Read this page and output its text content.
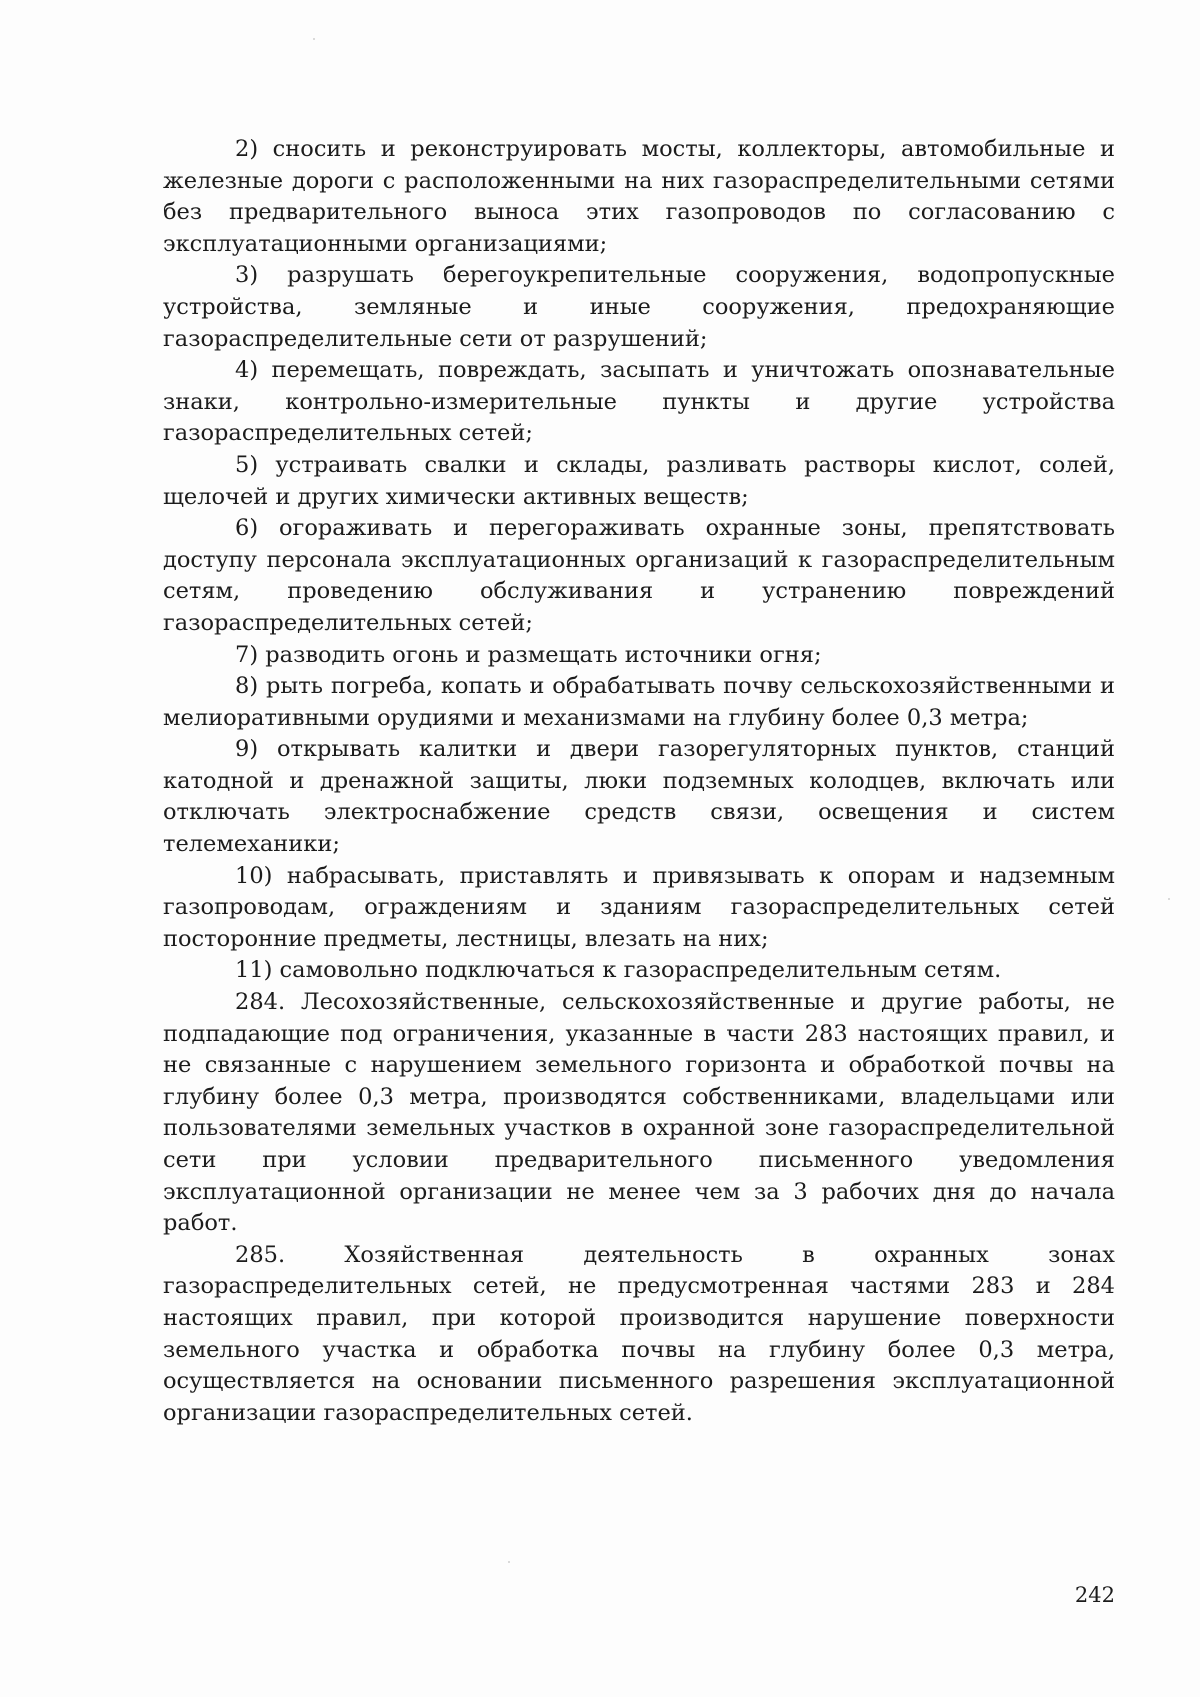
2) сносить и реконструировать мосты, коллекторы, автомобильные и железные дороги с расположенными на них газораспределительными сетями без предварительного выноса этих газопроводов по согласованию с эксплуатационными организациями;

3) разрушать берегоукрепительные сооружения, водопропускные устройства, земляные и иные сооружения, предохраняющие газораспределительные сети от разрушений;

4) перемещать, повреждать, засыпать и уничтожать опознавательные знаки, контрольно-измерительные пункты и другие устройства газораспределительных сетей;

5) устраивать свалки и склады, разливать растворы кислот, солей, щелочей и других химически активных веществ;

6) огораживать и перегораживать охранные зоны, препятствовать доступу персонала эксплуатационных организаций к газораспределительным сетям, проведению обслуживания и устранению повреждений газораспределительных сетей;

7) разводить огонь и размещать источники огня;

8) рыть погреба, копать и обрабатывать почву сельскохозяйственными и мелиоративными орудиями и механизмами на глубину более 0,3 метра;

9) открывать калитки и двери газорегуляторных пунктов, станций катодной и дренажной защиты, люки подземных колодцев, включать или отключать электроснабжение средств связи, освещения и систем телемеханики;

10) набрасывать, приставлять и привязывать к опорам и надземным газопроводам, ограждениям и зданиям газораспределительных сетей посторонние предметы, лестницы, влезать на них;

11) самовольно подключаться к газораспределительным сетям.

284. Лесохозяйственные, сельскохозяйственные и другие работы, не подпадающие под ограничения, указанные в части 283 настоящих правил, и не связанные с нарушением земельного горизонта и обработкой почвы на глубину более 0,3 метра, производятся собственниками, владельцами или пользователями земельных участков в охранной зоне газораспределительной сети при условии предварительного письменного уведомления эксплуатационной организации не менее чем за 3 рабочих дня до начала работ.

285. Хозяйственная деятельность в охранных зонах газораспределительных сетей, не предусмотренная частями 283 и 284 настоящих правил, при которой производится нарушение поверхности земельного участка и обработка почвы на глубину более 0,3 метра, осуществляется на основании письменного разрешения эксплуатационной организации газораспределительных сетей.

242
